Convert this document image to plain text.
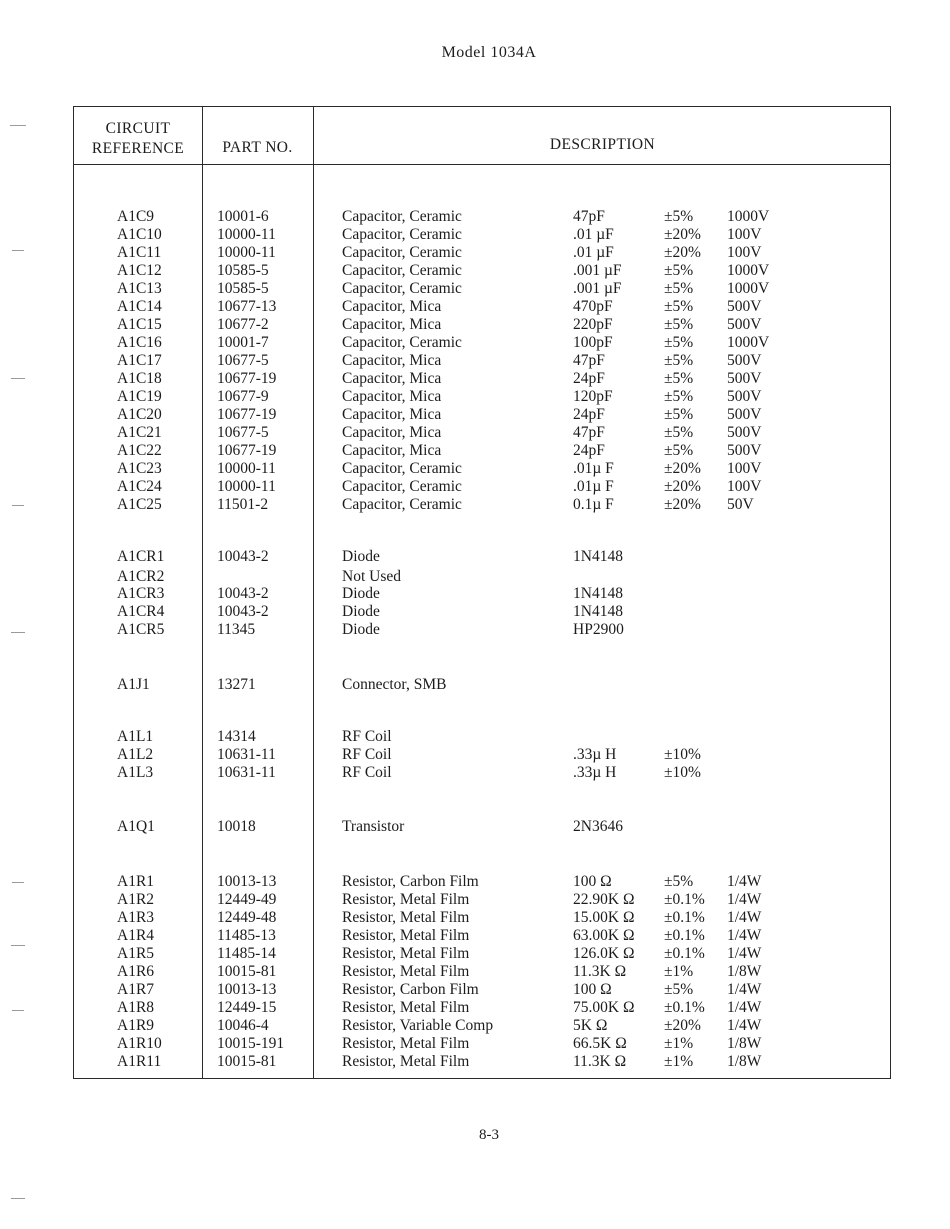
Model 1034A
CIRCUIT
REFERENCE	PART NO.	DESCRIPTION
A1C9	10001-6	Capacitor, Ceramic	47pF	±5% 1000V
A1C10	10000-11	Capacitor, Ceramic	.01 µF	±20% 100V
A1C11	10000-11	Capacitor, Ceramic	.01 µF	±20% 100V
A1C12	10585-5	Capacitor, Ceramic	.001 µF	±5% 1000V
A1C13	10585-5	Capacitor, Ceramic	.001 µF	±5% 1000V
A1C14	10677-13	Capacitor, Mica	470pF	±5% 500V
A1C15	10677-2	Capacitor, Mica	220pF	±5% 500V
A1C16	10001-7	Capacitor, Ceramic	100pF	±5% 1000V
A1C17	10677-5	Capacitor, Mica	47pF	±5% 500V
A1C18	10677-19	Capacitor, Mica	24pF	±5% 500V
A1C19	10677-9	Capacitor, Mica	120pF	±5% 500V
A1C20	10677-19	Capacitor, Mica	24pF	±5% 500V
A1C21	10677-5	Capacitor, Mica	47pF	±5% 500V
A1C22	10677-19	Capacitor, Mica	24pF	±5% 500V
A1C23	10000-11	Capacitor, Ceramic	.01µ F	±20% 100V
A1C24	10000-11	Capacitor, Ceramic	.01µ F	±20% 100V
A1C25	11501-2	Capacitor, Ceramic	0.1µ F	±20% 50V
A1CR1	10043-2	Diode	1N4148
A1CR2	Not Used
A1CR3	10043-2	Diode	1N4148
A1CR4	10043-2	Diode	1N4148
A1CR5	11345	Diode	HP2900
A1J1	13271	Connector, SMB
A1L1	14314	RF Coil
A1L2	10631-11	RF Coil	.33µ H	±10%
A1L3	10631-11	RF Coil	.33µ H	±10%
A1Q1	10018	Transistor	2N3646
A1R1	10013-13	Resistor, Carbon Film	100 Ω	±5% 1/4W
A1R2	12449-49	Resistor, Metal Film	22.90K Ω ±0.1% 1/4W
A1R3	12449-48	Resistor, Metal Film	15.00K Ω ±0.1% 1/4W
A1R4	11485-13	Resistor, Metal Film	63.00K Ω ±0.1% 1/4W
A1R5	11485-14	Resistor, Metal Film	126.0K Ω ±0.1% 1/4W
A1R6	10015-81	Resistor, Metal Film	11.3K Ω ±1% 1/8W
A1R7	10013-13	Resistor, Carbon Film	100 Ω	±5% 1/4W
A1R8	12449-15	Resistor, Metal Film	75.00K Ω ±0.1% 1/4W
A1R9	10046-4	Resistor, Variable Comp	5K Ω	±20% 1/4W
A1R10	10015-191	Resistor, Metal Film	66.5K Ω ±1% 1/8W
A1R11	10015-81	Resistor, Metal Film	11.3K Ω ±1% 1/8W
8-3
